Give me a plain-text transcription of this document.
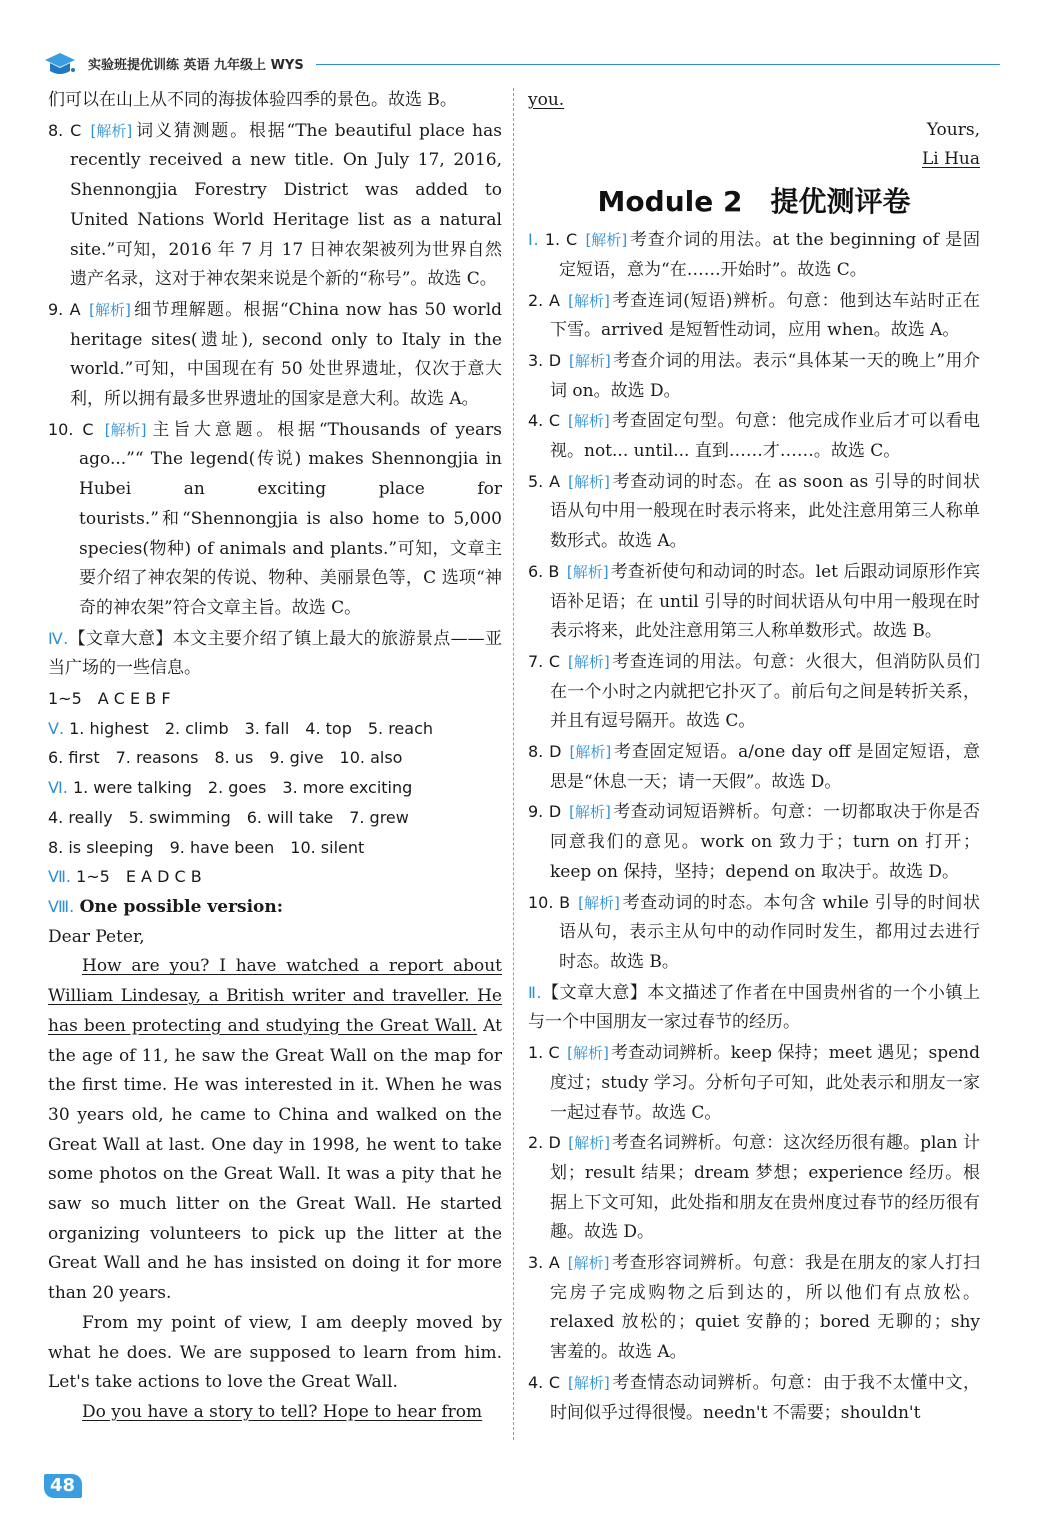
实验班提优训练 英语 九年级上 WYS

们可以在山上从不同的海拔体验四季的景色。故选 B。

8. C [解析] 词义猜测题。根据“The beautiful place has recently received a new title. On July 17, 2016, Shennongjia Forestry District was added to United Nations World Heritage list as a natural site.”可知，2016 年 7 月 17 日神农架被列为世界自然遗产名录，这对于神农架来说是个新的“称号”。故选 C。

9. A [解析] 细节理解题。根据“China now has 50 world heritage sites(遗址), second only to Italy in the world.”可知，中国现在有 50 处世界遗址，仅次于意大利，所以拥有最多世界遗址的国家是意大利。故选 A。

10. C [解析] 主旨大意题。根据“Thousands of years ago...”“ The legend(传说) makes Shennongjia in Hubei an exciting place for tourists.”和“Shennongjia is also home to 5,000 species(物种) of animals and plants.”可知，文章主要介绍了神农架的传说、物种、美丽景色等，C 选项“神奇的神农架”符合文章主旨。故选 C。

Ⅳ.【文章大意】本文主要介绍了镇上最大的旅游景点——亚当广场的一些信息。

1~5　A C E B F

Ⅴ. 1. highest　2. climb　3. fall　4. top　5. reach

6. first　7. reasons　8. us　9. give　10. also

Ⅵ. 1. were talking　2. goes　3. more exciting

4. really　5. swimming　6. will take　7. grew

8. is sleeping　9. have been　10. silent

Ⅶ. 1~5　E A D C B

Ⅷ. One possible version:

Dear Peter,

How are you? I have watched a report about William Lindesay, a British writer and traveller. He has been protecting and studying the Great Wall. At the age of 11, he saw the Great Wall on the map for the first time. He was interested in it. When he was 30 years old, he came to China and walked on the Great Wall at last. One day in 1998, he went to take some photos on the Great Wall. It was a pity that he saw so much litter on the Great Wall. He started organizing volunteers to pick up the litter at the Great Wall and he has insisted on doing it for more than 20 years.

From my point of view, I am deeply moved by what he does. We are supposed to learn from him. Let's take actions to love the Great Wall.

Do you have a story to tell? Hope to hear from

you.

Yours,

Li Hua

Module 2　提优测评卷

Ⅰ. 1. C [解析] 考查介词的用法。at the beginning of 是固定短语，意为“在……开始时”。故选 C。

2. A [解析] 考查连词(短语)辨析。句意：他到达车站时正在下雪。arrived 是短暂性动词，应用 when。故选 A。

3. D [解析] 考查介词的用法。表示“具体某一天的晚上”用介词 on。故选 D。

4. C [解析] 考查固定句型。句意：他完成作业后才可以看电视。not... until... 直到……才……。故选 C。

5. A [解析] 考查动词的时态。在 as soon as 引导的时间状语从句中用一般现在时表示将来，此处注意用第三人称单数形式。故选 A。

6. B [解析] 考查祈使句和动词的时态。let 后跟动词原形作宾语补足语；在 until 引导的时间状语从句中用一般现在时表示将来，此处注意用第三人称单数形式。故选 B。

7. C [解析] 考查连词的用法。句意：火很大，但消防队员们在一个小时之内就把它扑灭了。前后句之间是转折关系，并且有逗号隔开。故选 C。

8. D [解析] 考查固定短语。a/one day off 是固定短语，意思是“休息一天；请一天假”。故选 D。

9. D [解析] 考查动词短语辨析。句意：一切都取决于你是否同意我们的意见。work on 致力于；turn on 打开；keep on 保持，坚持；depend on 取决于。故选 D。

10. B [解析] 考查动词的时态。本句含 while 引导的时间状语从句，表示主从句中的动作同时发生，都用过去进行时态。故选 B。

Ⅱ.【文章大意】本文描述了作者在中国贵州省的一个小镇上与一个中国朋友一家过春节的经历。

1. C [解析] 考查动词辨析。keep 保持；meet 遇见；spend 度过；study 学习。分析句子可知，此处表示和朋友一家一起过春节。故选 C。

2. D [解析] 考查名词辨析。句意：这次经历很有趣。plan 计划；result 结果；dream 梦想；experience 经历。根据上下文可知，此处指和朋友在贵州度过春节的经历很有趣。故选 D。

3. A [解析] 考查形容词辨析。句意：我是在朋友的家人打扫完房子完成购物之后到达的，所以他们有点放松。relaxed 放松的；quiet 安静的；bored 无聊的；shy 害羞的。故选 A。

4. C [解析] 考查情态动词辨析。句意：由于我不太懂中文，时间似乎过得很慢。needn't 不需要；shouldn't

48
